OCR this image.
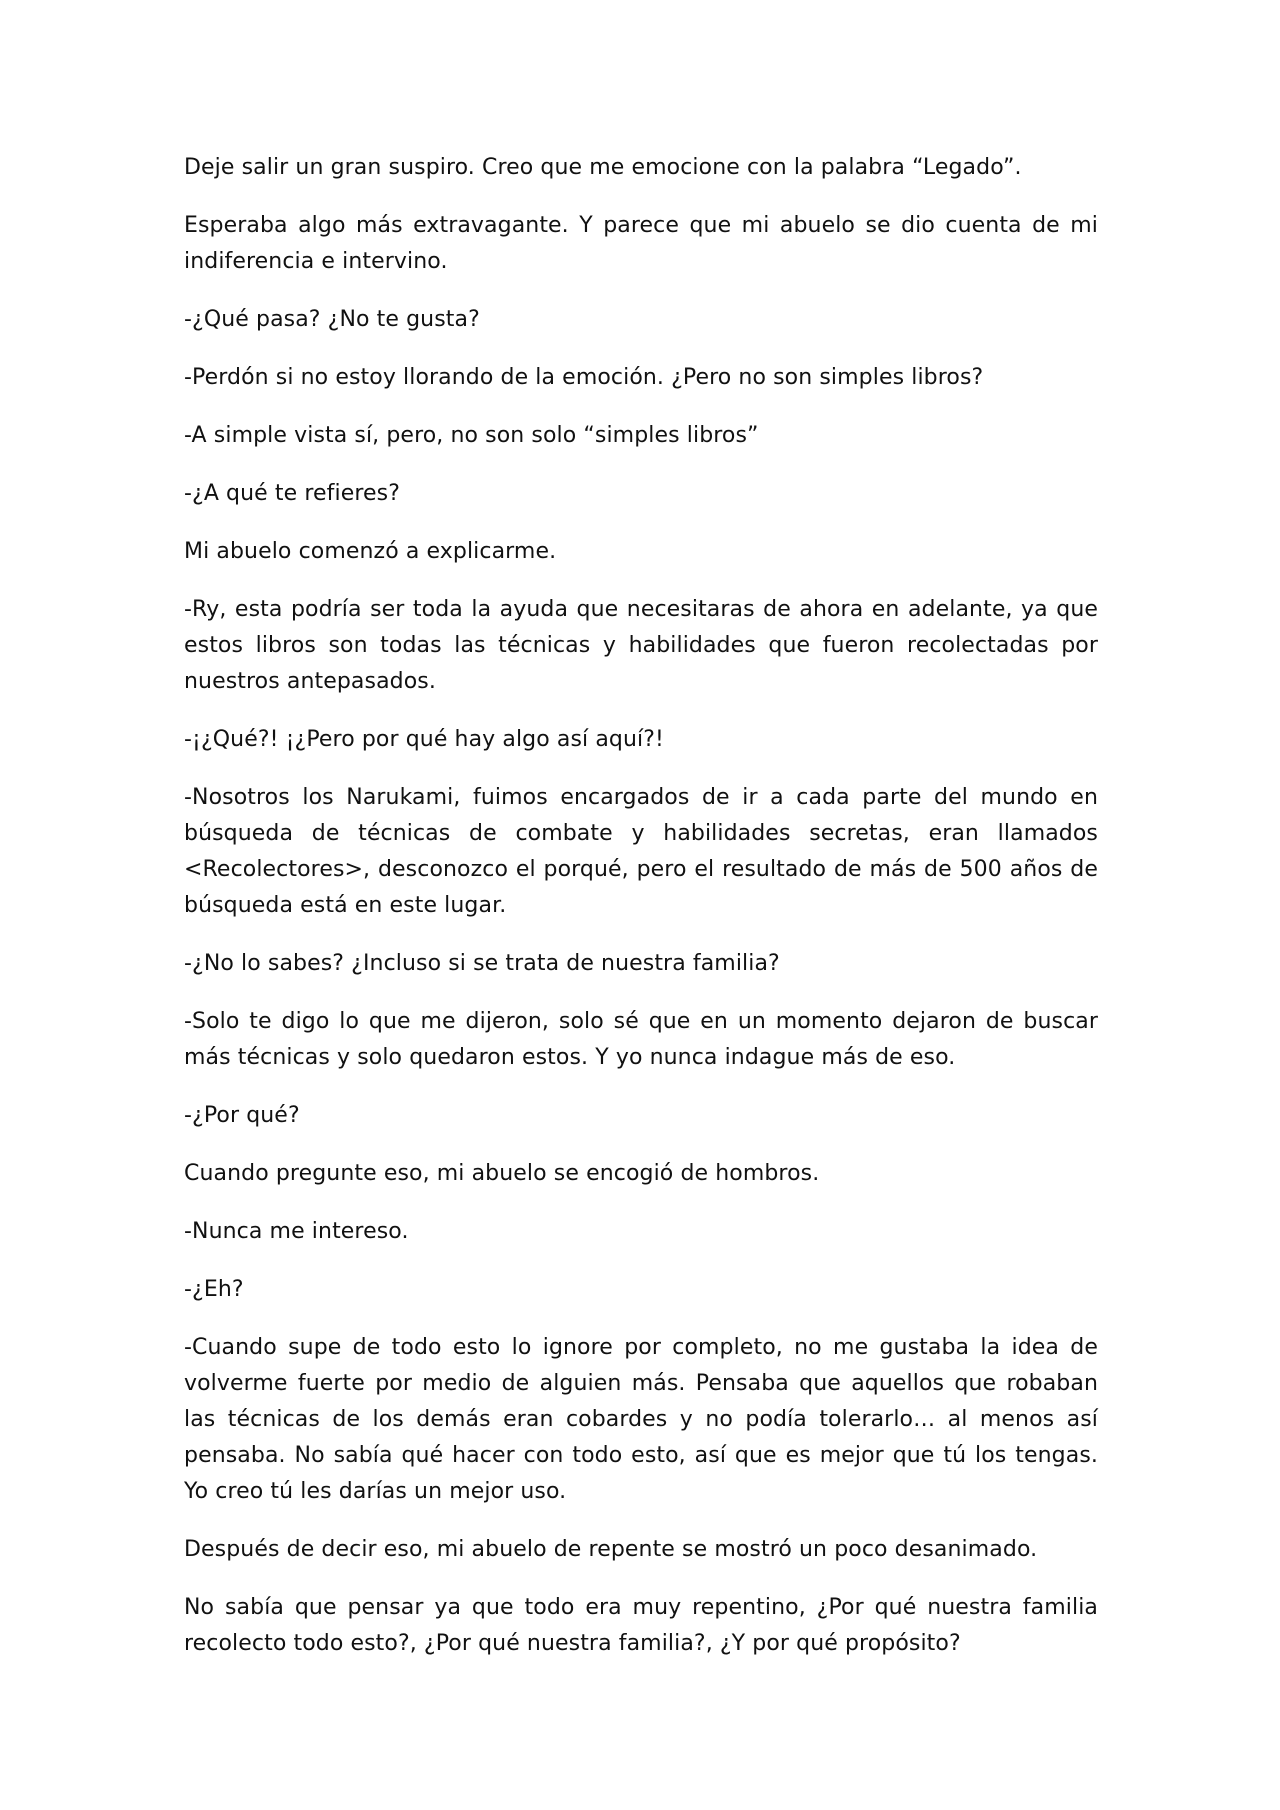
Deje salir un gran suspiro. Creo que me emocione con la palabra “Legado”.

Esperaba algo más extravagante. Y parece que mi abuelo se dio cuenta de mi indiferencia e intervino.

-¿Qué pasa? ¿No te gusta?

-Perdón si no estoy llorando de la emoción. ¿Pero no son simples libros?

-A simple vista sí, pero, no son solo “simples libros”

-¿A qué te refieres?

Mi abuelo comenzó a explicarme.

-Ry, esta podría ser toda la ayuda que necesitaras de ahora en adelante, ya que estos libros son todas las técnicas y habilidades que fueron recolectadas por nuestros antepasados.

-¡¿Qué?! ¡¿Pero por qué hay algo así aquí?!

-Nosotros los Narukami, fuimos encargados de ir a cada parte del mundo en búsqueda de técnicas de combate y habilidades secretas, eran llamados <Recolectores>, desconozco el porqué, pero el resultado de más de 500 años de búsqueda está en este lugar.

-¿No lo sabes? ¿Incluso si se trata de nuestra familia?

-Solo te digo lo que me dijeron, solo sé que en un momento dejaron de buscar más técnicas y solo quedaron estos. Y yo nunca indague más de eso.

-¿Por qué?

Cuando pregunte eso, mi abuelo se encogió de hombros.

-Nunca me intereso.

-¿Eh?

-Cuando supe de todo esto lo ignore por completo, no me gustaba la idea de volverme fuerte por medio de alguien más. Pensaba que aquellos que robaban las técnicas de los demás eran cobardes y no podía tolerarlo… al menos así pensaba. No sabía qué hacer con todo esto, así que es mejor que tú los tengas. Yo creo tú les darías un mejor uso.

Después de decir eso, mi abuelo de repente se mostró un poco desanimado.

No sabía que pensar ya que todo era muy repentino, ¿Por qué nuestra familia recolecto todo esto?, ¿Por qué nuestra familia?, ¿Y por qué propósito?
